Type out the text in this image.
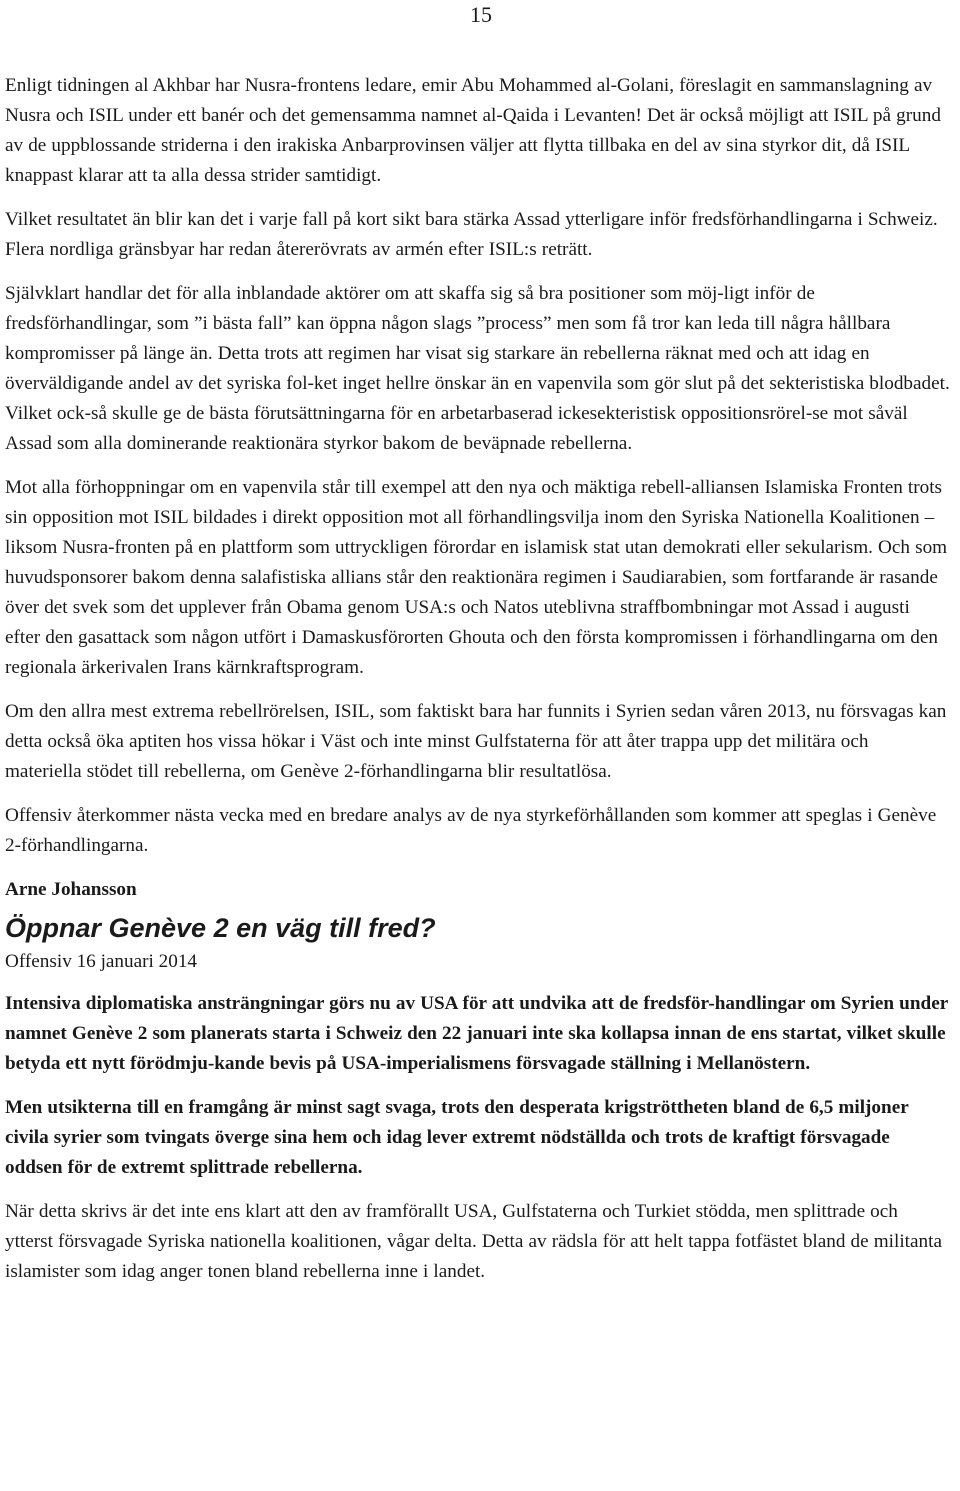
15

Enligt tidningen al Akhbar har Nusra-frontens ledare, emir Abu Mohammed al-Golani, föreslagit en sammanslagning av Nusra och ISIL under ett banér och det gemensamma namnet al-Qaida i Levanten! Det är också möjligt att ISIL på grund av de uppblossande striderna i den irakiska Anbarprovinsen väljer att flytta tillbaka en del av sina styrkor dit, då ISIL knappast klarar att ta alla dessa strider samtidigt.

Vilket resultatet än blir kan det i varje fall på kort sikt bara stärka Assad ytterligare inför fredsförhandlingarna i Schweiz. Flera nordliga gränsbyar har redan återerövrats av armén efter ISIL:s reträtt.

Självklart handlar det för alla inblandade aktörer om att skaffa sig så bra positioner som möj-ligt inför de fredsförhandlingar, som ”i bästa fall” kan öppna någon slags ”process” men som få tror kan leda till några hållbara kompromisser på länge än. Detta trots att regimen har visat sig starkare än rebellerna räknat med och att idag en överväldigande andel av det syriska fol-ket inget hellre önskar än en vapenvila som gör slut på det sekteristiska blodbadet. Vilket ock-så skulle ge de bästa förutsättningarna för en arbetarbaserad ickesekteristisk oppositionsrörel-se mot såväl Assad som alla dominerande reaktionära styrkor bakom de beväpnade rebellerna.

Mot alla förhoppningar om en vapenvila står till exempel att den nya och mäktiga rebell-alliansen Islamiska Fronten trots sin opposition mot ISIL bildades i direkt opposition mot all förhandlingsvilja inom den Syriska Nationella Koalitionen – liksom Nusra-fronten på en plattform som uttryckligen förordar en islamisk stat utan demokrati eller sekularism. Och som huvudsponsorer bakom denna salafistiska allians står den reaktionära regimen i Saudiarabien, som fortfarande är rasande över det svek som det upplever från Obama genom USA:s och Natos uteblivna straffbombningar mot Assad i augusti efter den gasattack som någon utfört i Damaskusförorten Ghouta och den första kompromissen i förhandlingarna om den regionala ärkerivalen Irans kärnkraftsprogram.

Om den allra mest extrema rebellrörelsen, ISIL, som faktiskt bara har funnits i Syrien sedan våren 2013, nu försvagas kan detta också öka aptiten hos vissa hökar i Väst och inte minst Gulfstaterna för att åter trappa upp det militära och materiella stödet till rebellerna, om Genève 2-förhandlingarna blir resultatlösa.

Offensiv återkommer nästa vecka med en bredare analys av de nya styrkeförhållanden som kommer att speglas i Genève 2-förhandlingarna.

Arne Johansson
Öppnar Genève 2 en väg till fred?
Offensiv 16 januari 2014

Intensiva diplomatiska ansträngningar görs nu av USA för att undvika att de fredsför-handlingar om Syrien under namnet Genève 2 som planerats starta i Schweiz den 22 januari inte ska kollapsa innan de ens startat, vilket skulle betyda ett nytt förödmju-kande bevis på USA-imperialismens försvagade ställning i Mellanöstern.

Men utsikterna till en framgång är minst sagt svaga, trots den desperata krigströttheten bland de 6,5 miljoner civila syrier som tvingats överge sina hem och idag lever extremt nödställda och trots de kraftigt försvagade oddsen för de extremt splittrade rebellerna.

När detta skrivs är det inte ens klart att den av framförallt USA, Gulfstaterna och Turkiet stödda, men splittrade och ytterst försvagade Syriska nationella koalitionen, vågar delta. Detta av rädsla för att helt tappa fotfästet bland de militanta islamister som idag anger tonen bland rebellerna inne i landet.
